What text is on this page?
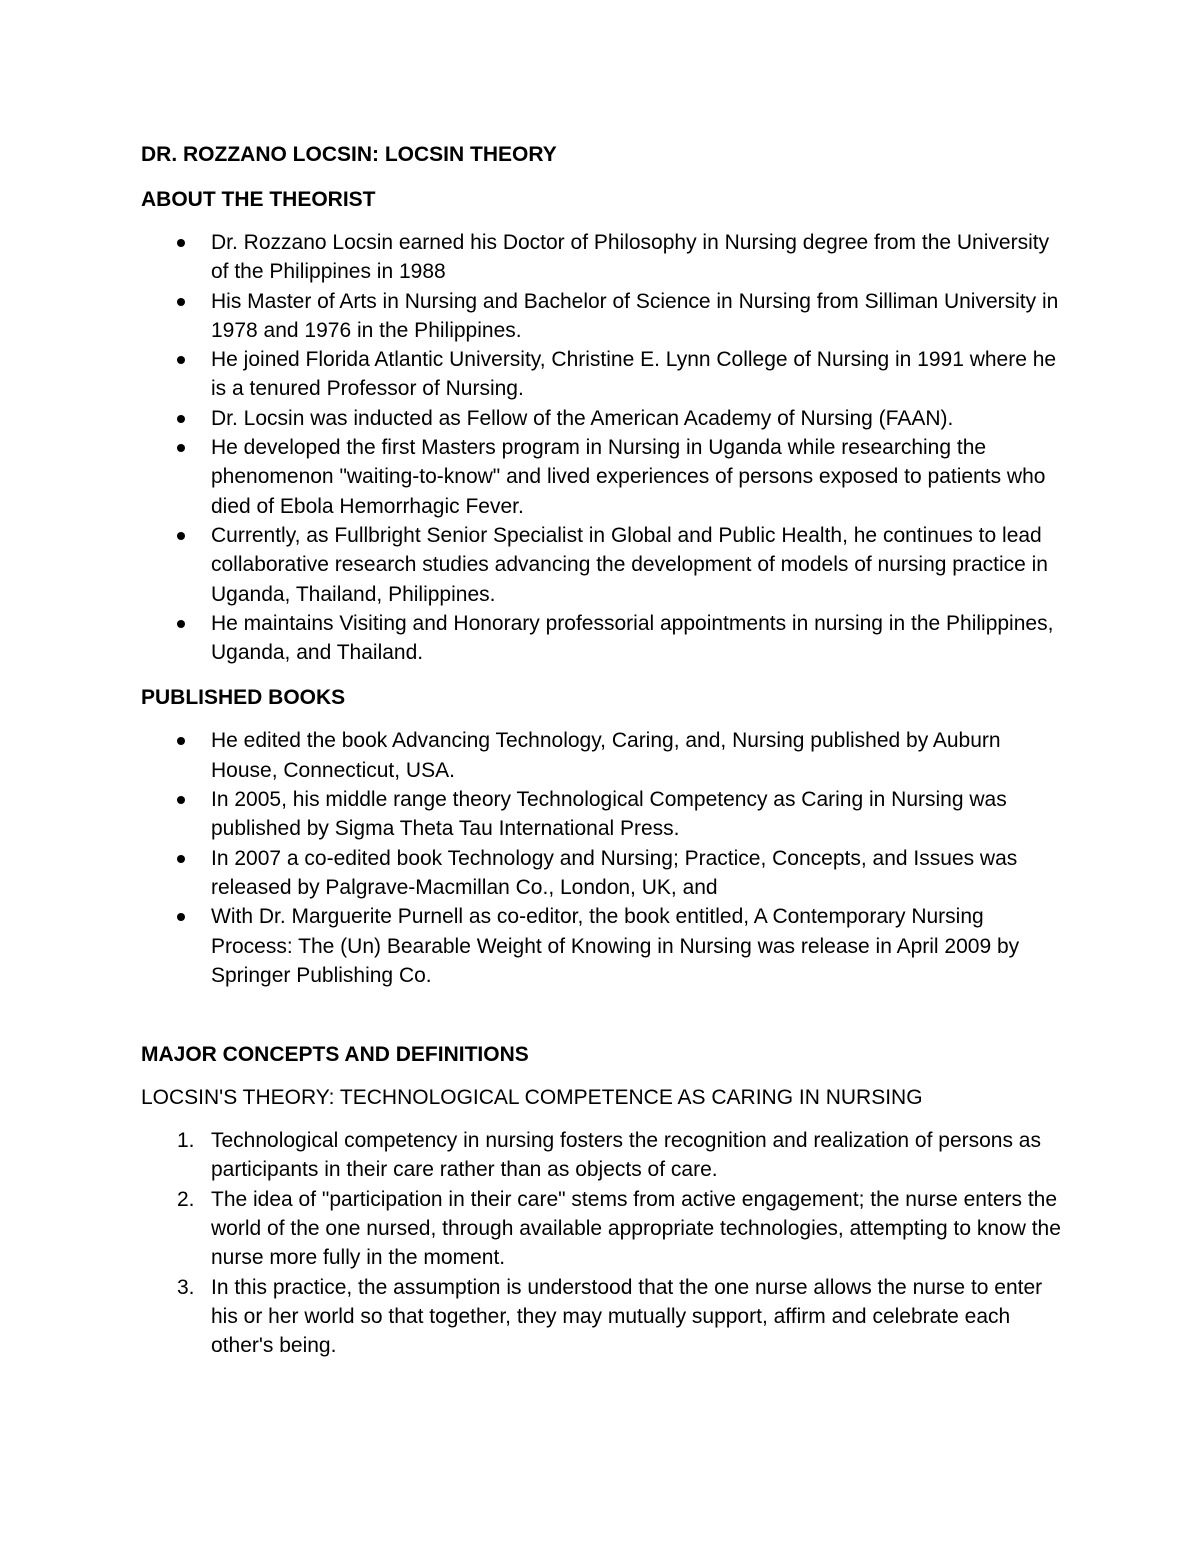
DR. ROZZANO LOCSIN: LOCSIN THEORY
ABOUT THE THEORIST
Dr. Rozzano Locsin earned his Doctor of Philosophy in Nursing degree from the University of the Philippines in 1988
His Master of Arts in Nursing and Bachelor of Science in Nursing from Silliman University in 1978 and 1976 in the Philippines.
He joined Florida Atlantic University, Christine E. Lynn College of Nursing in 1991 where he is a tenured Professor of Nursing.
Dr. Locsin was inducted as Fellow of the American Academy of Nursing (FAAN).
He developed the first Masters program in Nursing in Uganda while researching the phenomenon "waiting-to-know" and lived experiences of persons exposed to patients who died of Ebola Hemorrhagic Fever.
Currently, as Fullbright Senior Specialist in Global and Public Health, he continues to lead collaborative research studies advancing the development of models of nursing practice in Uganda, Thailand, Philippines.
He maintains Visiting and Honorary professorial appointments in nursing in the Philippines, Uganda, and Thailand.
PUBLISHED BOOKS
He edited the book Advancing Technology, Caring, and, Nursing published by Auburn House, Connecticut, USA.
In 2005, his middle range theory Technological Competency as Caring in Nursing was published by Sigma Theta Tau International Press.
In 2007 a co-edited book Technology and Nursing; Practice, Concepts, and Issues was released by Palgrave-Macmillan Co., London, UK, and
With Dr. Marguerite Purnell as co-editor, the book entitled, A Contemporary Nursing Process: The (Un) Bearable Weight of Knowing in Nursing was release in April 2009 by Springer Publishing Co.
MAJOR CONCEPTS AND DEFINITIONS
LOCSIN'S THEORY: TECHNOLOGICAL COMPETENCE AS CARING IN NURSING
1. Technological competency in nursing fosters the recognition and realization of persons as participants in their care rather than as objects of care.
2. The idea of "participation in their care" stems from active engagement; the nurse enters the world of the one nursed, through available appropriate technologies, attempting to know the nurse more fully in the moment.
3. In this practice, the assumption is understood that the one nurse allows the nurse to enter his or her world so that together, they may mutually support, affirm and celebrate each other's being.
